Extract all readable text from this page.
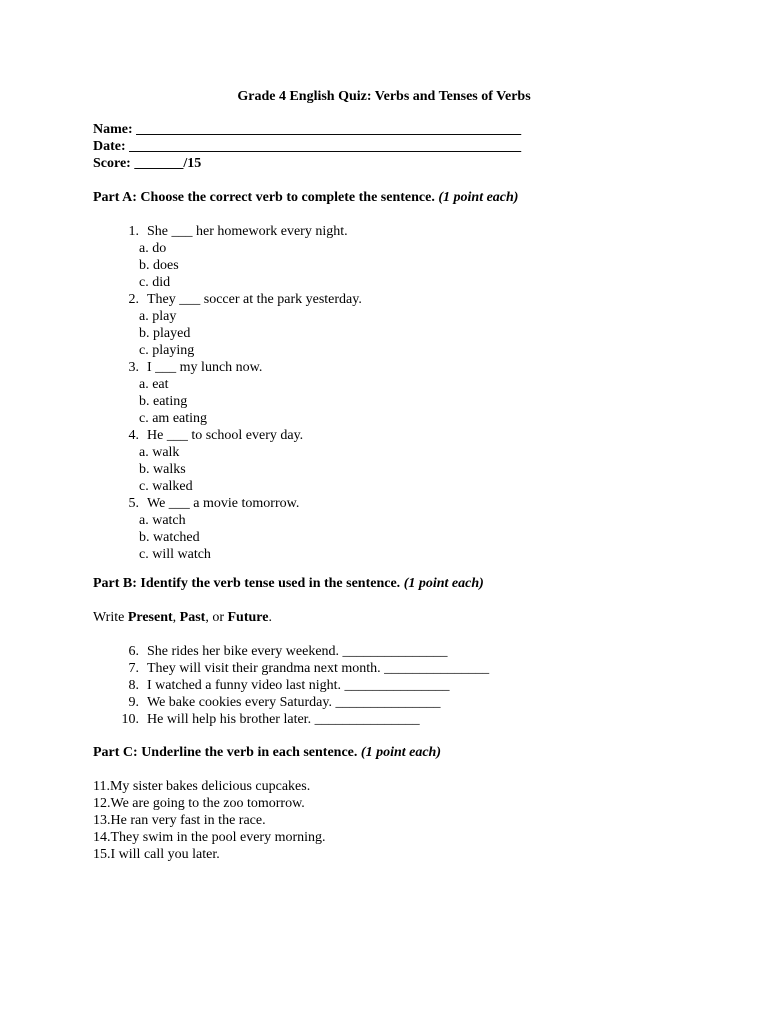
Grade 4 English Quiz: Verbs and Tenses of Verbs
Name: _______________________________________________________
Date: ________________________________________________________
Score: _______/15
Part A: Choose the correct verb to complete the sentence. (1 point each)
1. She ___ her homework every night.
a. do
b. does
c. did
2. They ___ soccer at the park yesterday.
a. play
b. played
c. playing
3. I ___ my lunch now.
a. eat
b. eating
c. am eating
4. He ___ to school every day.
a. walk
b. walks
c. walked
5. We ___ a movie tomorrow.
a. watch
b. watched
c. will watch
Part B: Identify the verb tense used in the sentence. (1 point each)
Write Present, Past, or Future.
6. She rides her bike every weekend. _______________
7. They will visit their grandma next month. _______________
8. I watched a funny video last night. _______________
9. We bake cookies every Saturday. _______________
10. He will help his brother later. _______________
Part C: Underline the verb in each sentence. (1 point each)
11.My sister bakes delicious cupcakes.
12.We are going to the zoo tomorrow.
13.He ran very fast in the race.
14.They swim in the pool every morning.
15.I will call you later.
